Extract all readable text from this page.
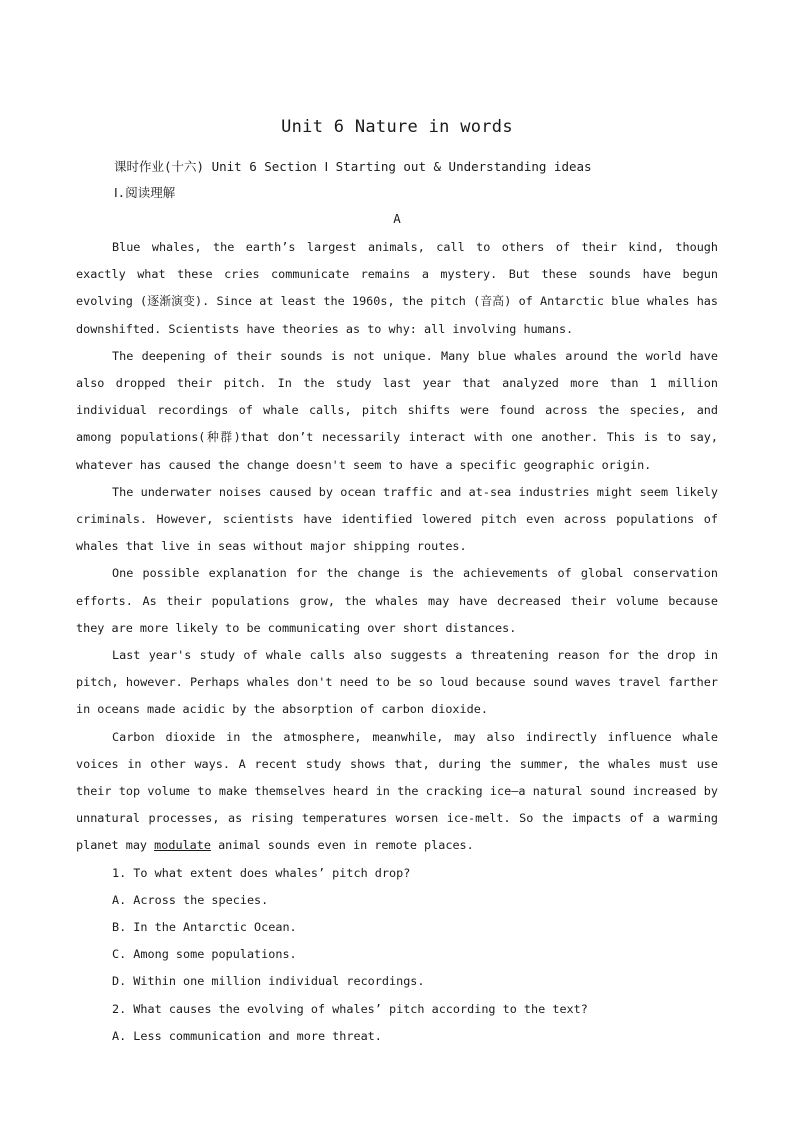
Unit 6 Nature in words
课时作业(十六) Unit 6 Section Ⅰ Starting out & Understanding ideas
Ⅰ.阅读理解
A

Blue whales, the earth’s largest animals, call to others of their kind, though exactly what these cries communicate remains a mystery. But these sounds have begun evolving (逐渐演变). Since at least the 1960s, the pitch (音高) of Antarctic blue whales has downshifted. Scientists have theories as to why: all involving humans.

The deepening of their sounds is not unique. Many blue whales around the world have also dropped their pitch. In the study last year that analyzed more than 1 million individual recordings of whale calls, pitch shifts were found across the species, and among populations(种群)that don’t necessarily interact with one another. This is to say, whatever has caused the change doesn't seem to have a specific geographic origin.

The underwater noises caused by ocean traffic and at-sea industries might seem likely criminals. However, scientists have identified lowered pitch even across populations of whales that live in seas without major shipping routes.

One possible explanation for the change is the achievements of global conservation efforts. As their populations grow, the whales may have decreased their volume because they are more likely to be communicating over short distances.

Last year's study of whale calls also suggests a threatening reason for the drop in pitch, however. Perhaps whales don't need to be so loud because sound waves travel farther in oceans made acidic by the absorption of carbon dioxide.

Carbon dioxide in the atmosphere, meanwhile, may also indirectly influence whale voices in other ways. A recent study shows that, during the summer, the whales must use their top volume to make themselves heard in the cracking ice—a natural sound increased by unnatural processes, as rising temperatures worsen ice-melt. So the impacts of a warming planet may modulate animal sounds even in remote places.

1. To what extent does whales’ pitch drop?

A. Across the species.

B. In the Antarctic Ocean.

C. Among some populations.

D. Within one million individual recordings.

2. What causes the evolving of whales’ pitch according to the text?

A. Less communication and more threat.
